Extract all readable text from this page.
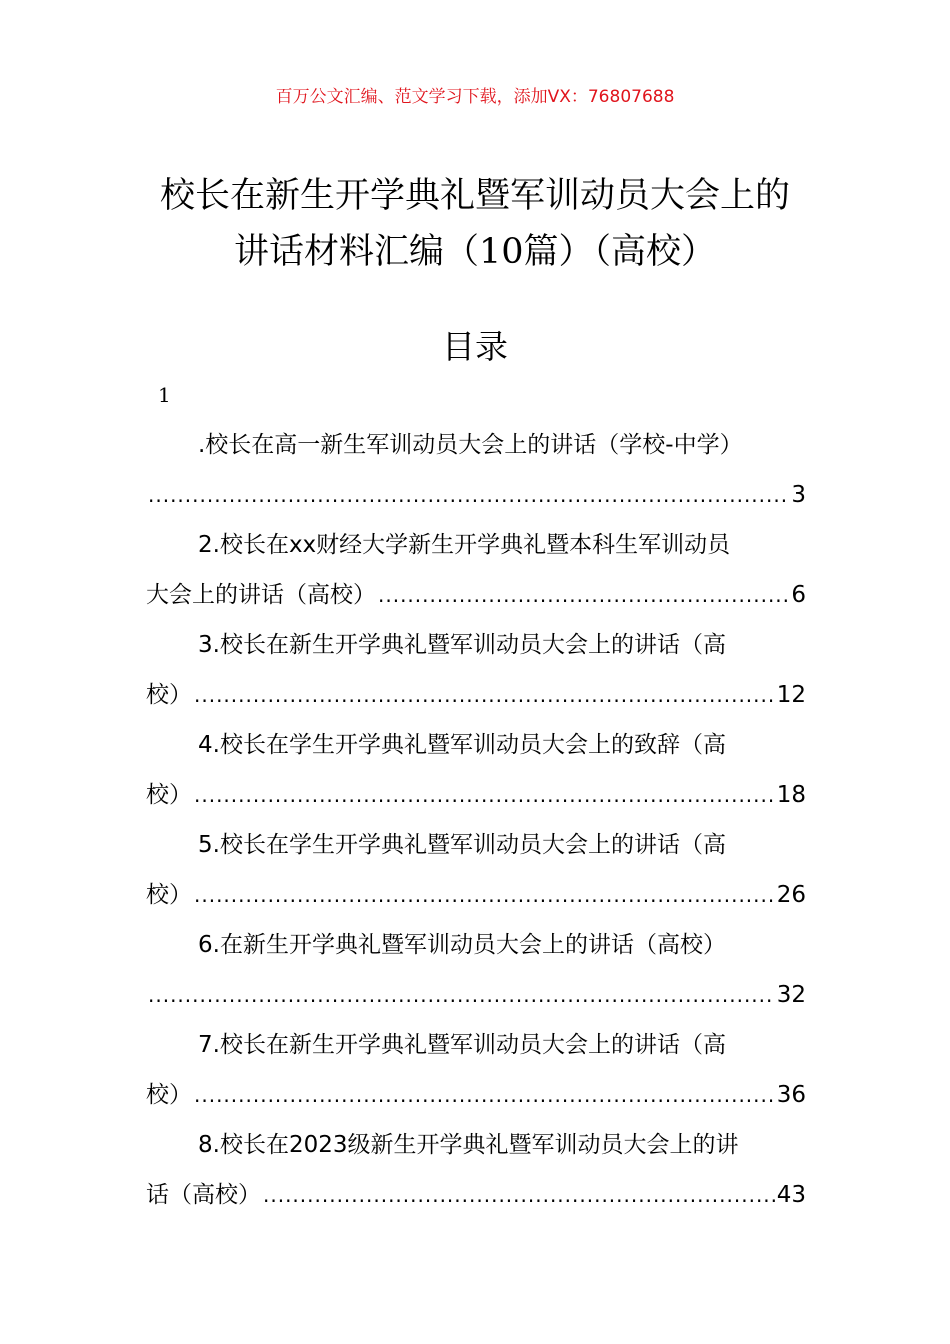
百万公文汇编、范文学习下载，添加VX：76807688
校长在新生开学典礼暨军训动员大会上的
讲话材料汇编（10篇）（高校）
目录
1
.校长在高一新生军训动员大会上的讲话（学校-中学）
.....
3
2.校长在xx财经大学新生开学典礼暨本科生军训动员
大会上的讲话（高校） .....	6
3.校长在新生开学典礼暨军训动员大会上的讲话（高
校） .....	12
4.校长在学生开学典礼暨军训动员大会上的致辞（高
校） .....	18
5.校长在学生开学典礼暨军训动员大会上的讲话（高
校） .....	26
6.在新生开学典礼暨军训动员大会上的讲话（高校）
.....
32
7.校长在新生开学典礼暨军训动员大会上的讲话（高
校） .....	36
8.校长在2023级新生开学典礼暨军训动员大会上的讲
话（高校） .....	43
